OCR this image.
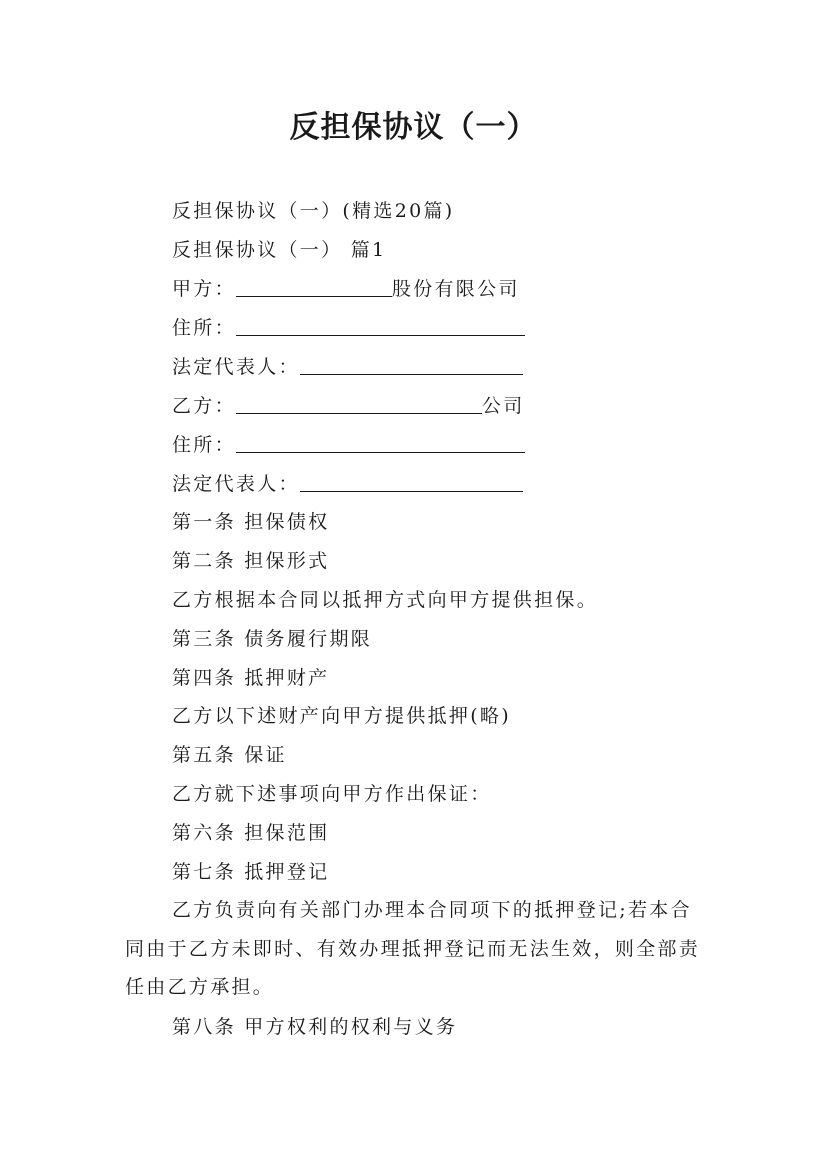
反担保协议（一）
反担保协议（一）(精选20篇)
反担保协议（一） 篇1
甲方：	股份有限公司
住所：
法定代表人：
乙方：	公司
住所：
法定代表人：
第一条 担保债权
第二条 担保形式
乙方根据本合同以抵押方式向甲方提供担保。
第三条 债务履行期限
第四条 抵押财产
乙方以下述财产向甲方提供抵押(略)
第五条 保证
乙方就下述事项向甲方作出保证：
第六条 担保范围
第七条 抵押登记
乙方负责向有关部门办理本合同项下的抵押登记;若本合同由于乙方未即时、有效办理抵押登记而无法生效，则全部责任由乙方承担。
第八条 甲方权利的权利与义务
